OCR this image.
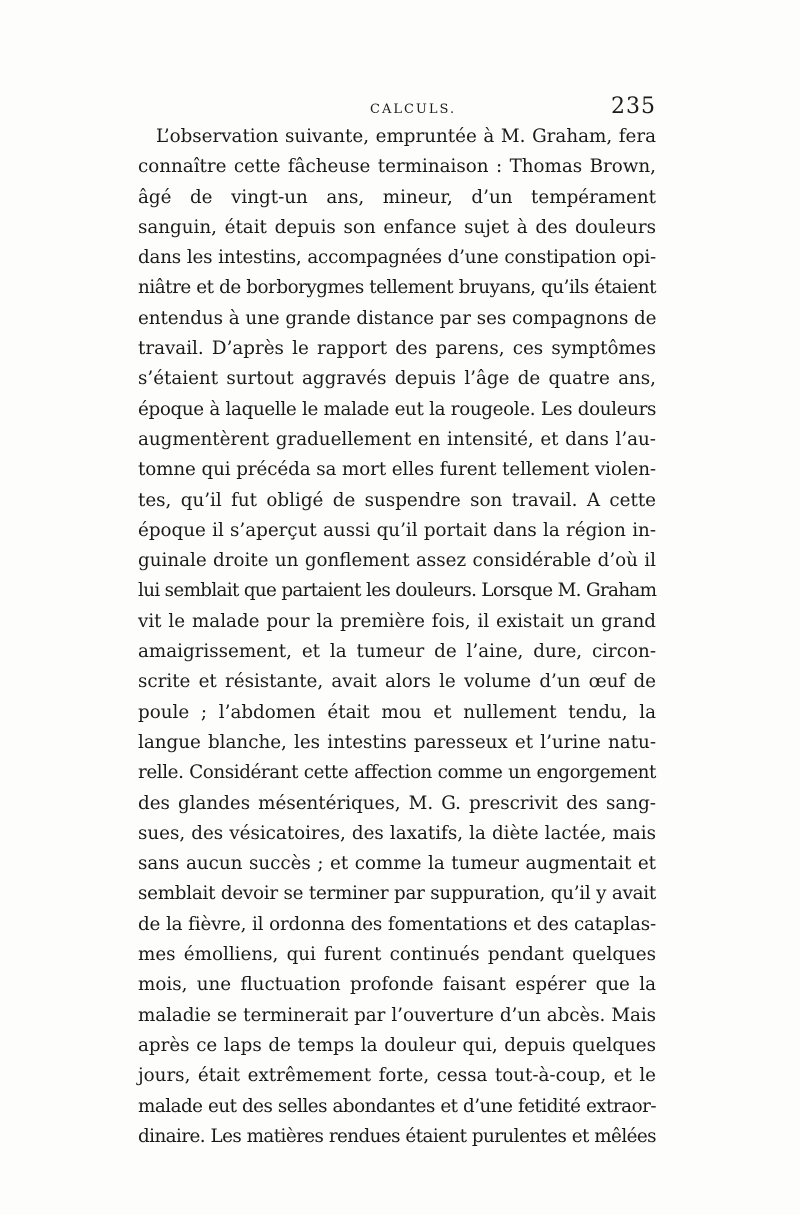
CALCULS.	235
L’observation suivante, empruntée à M. Graham, fera
connaître cette fâcheuse terminaison : Thomas Brown,
âgé de vingt-un ans, mineur, d’un tempérament
sanguin, était depuis son enfance sujet à des douleurs
dans les intestins, accompagnées d’une constipation opi-
niâtre et de borborygmes tellement bruyans, qu’ils étaient
entendus à une grande distance par ses compagnons de
travail. D’après le rapport des parens, ces symptômes
s’étaient surtout aggravés depuis l’âge de quatre ans,
époque à laquelle le malade eut la rougeole. Les douleurs
augmentèrent graduellement en intensité, et dans l’au-
tomne qui précéda sa mort elles furent tellement violen-
tes, qu’il fut obligé de suspendre son travail. A cette
époque il s’aperçut aussi qu’il portait dans la région in-
guinale droite un gonflement assez considérable d’où il
lui semblait que partaient les douleurs. Lorsque M. Graham
vit le malade pour la première fois, il existait un grand
amaigrissement, et la tumeur de l’aine, dure, circon-
scrite et résistante, avait alors le volume d’un œuf de
poule ; l’abdomen était mou et nullement tendu, la
langue blanche, les intestins paresseux et l’urine natu-
relle. Considérant cette affection comme un engorgement
des glandes mésentériques, M. G. prescrivit des sang-
sues, des vésicatoires, des laxatifs, la diète lactée, mais
sans aucun succès ; et comme la tumeur augmentait et
semblait devoir se terminer par suppuration, qu’il y avait
de la fièvre, il ordonna des fomentations et des cataplas-
mes émolliens, qui furent continués pendant quelques
mois, une fluctuation profonde faisant espérer que la
maladie se terminerait par l’ouverture d’un abcès. Mais
après ce laps de temps la douleur qui, depuis quelques
jours, était extrêmement forte, cessa tout-à-coup, et le
malade eut des selles abondantes et d’une fetidité extraor-
dinaire. Les matières rendues étaient purulentes et mêlées
